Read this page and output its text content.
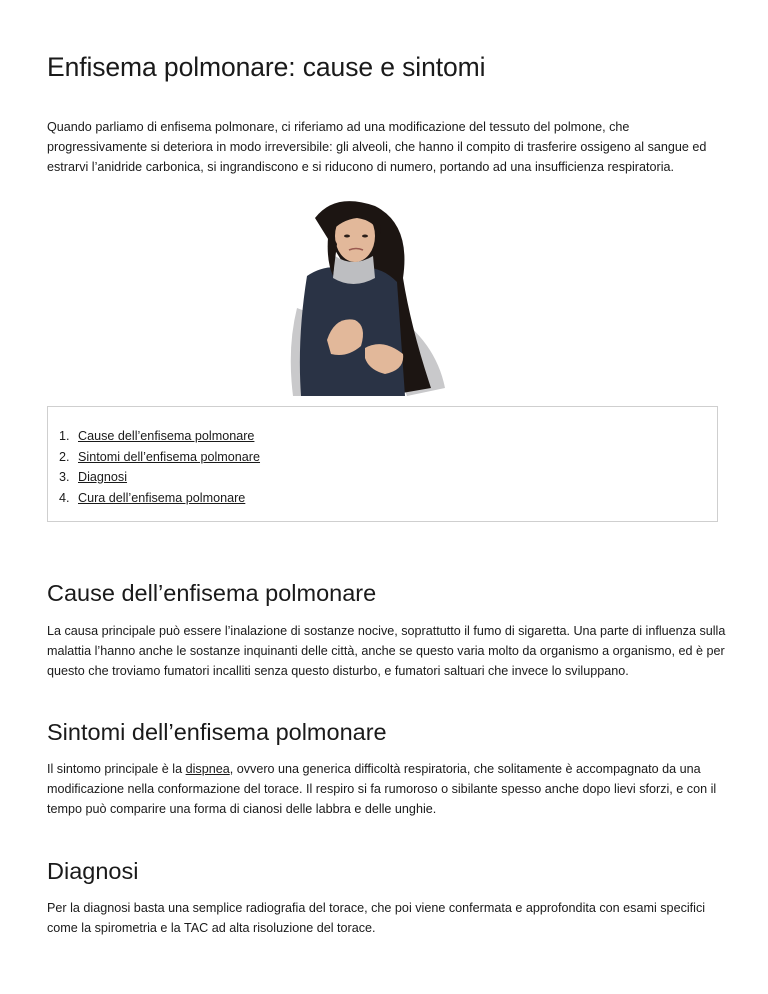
Enfisema polmonare: cause e sintomi

Quando parliamo di enfisema polmonare, ci riferiamo ad una modificazione del tessuto del polmone, che progressivamente si deteriora in modo irreversibile: gli alveoli, che hanno il compito di trasferire ossigeno al sangue ed estrarvi l’anidride carbonica, si ingrandiscono e si riducono di numero, portando ad una insufficienza respiratoria.

1. Cause dell’enfisema polmonare
2. Sintomi dell’enfisema polmonare
3. Diagnosi
4. Cura dell’enfisema polmonare
Cause dell’enfisema polmonare

La causa principale può essere l’inalazione di sostanze nocive, soprattutto il fumo di sigaretta. Una parte di influenza sulla malattia l’hanno anche le sostanze inquinanti delle città, anche se questo varia molto da organismo a organismo, ed è per questo che troviamo fumatori incalliti senza questo disturbo, e fumatori saltuari che invece lo sviluppano.

Sintomi dell’enfisema polmonare

Il sintomo principale è la dispnea, ovvero una generica difficoltà respiratoria, che solitamente è accompagnato da una modificazione nella conformazione del torace. Il respiro si fa rumoroso o sibilante spesso anche dopo lievi sforzi, e con il tempo può comparire una forma di cianosi delle labbra e delle unghie.

Diagnosi

Per la diagnosi basta una semplice radiografia del torace, che poi viene confermata e approfondita con esami specifici come la spirometria e la TAC ad alta risoluzione del torace.
